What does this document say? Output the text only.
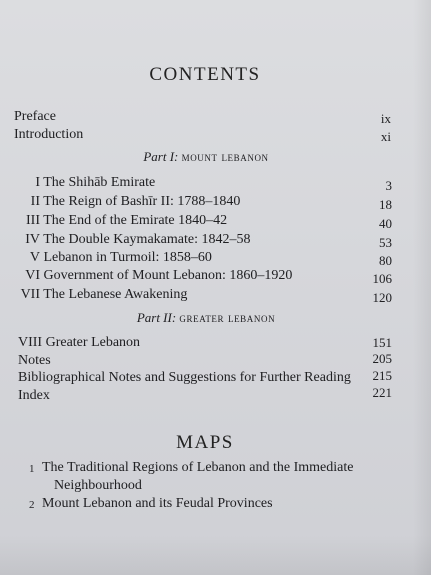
CONTENTS
Preface	ix
Introduction	xi
Part I: mount lebanon
I The Shihāb Emirate	3
II The Reign of Bashīr II: 1788–1840	18
III The End of the Emirate 1840–42	40
IV The Double Kaymakamate: 1842–58	53
V Lebanon in Turmoil: 1858–60	80
VI Government of Mount Lebanon: 1860–1920	106
VII The Lebanese Awakening	120
Part II: greater lebanon
VIII Greater Lebanon	151
Notes	205
Bibliographical Notes and Suggestions for Further Reading	215
Index	221
MAPS
1 The Traditional Regions of Lebanon and the Immediate
Neighbourhood
2 Mount Lebanon and its Feudal Provinces
